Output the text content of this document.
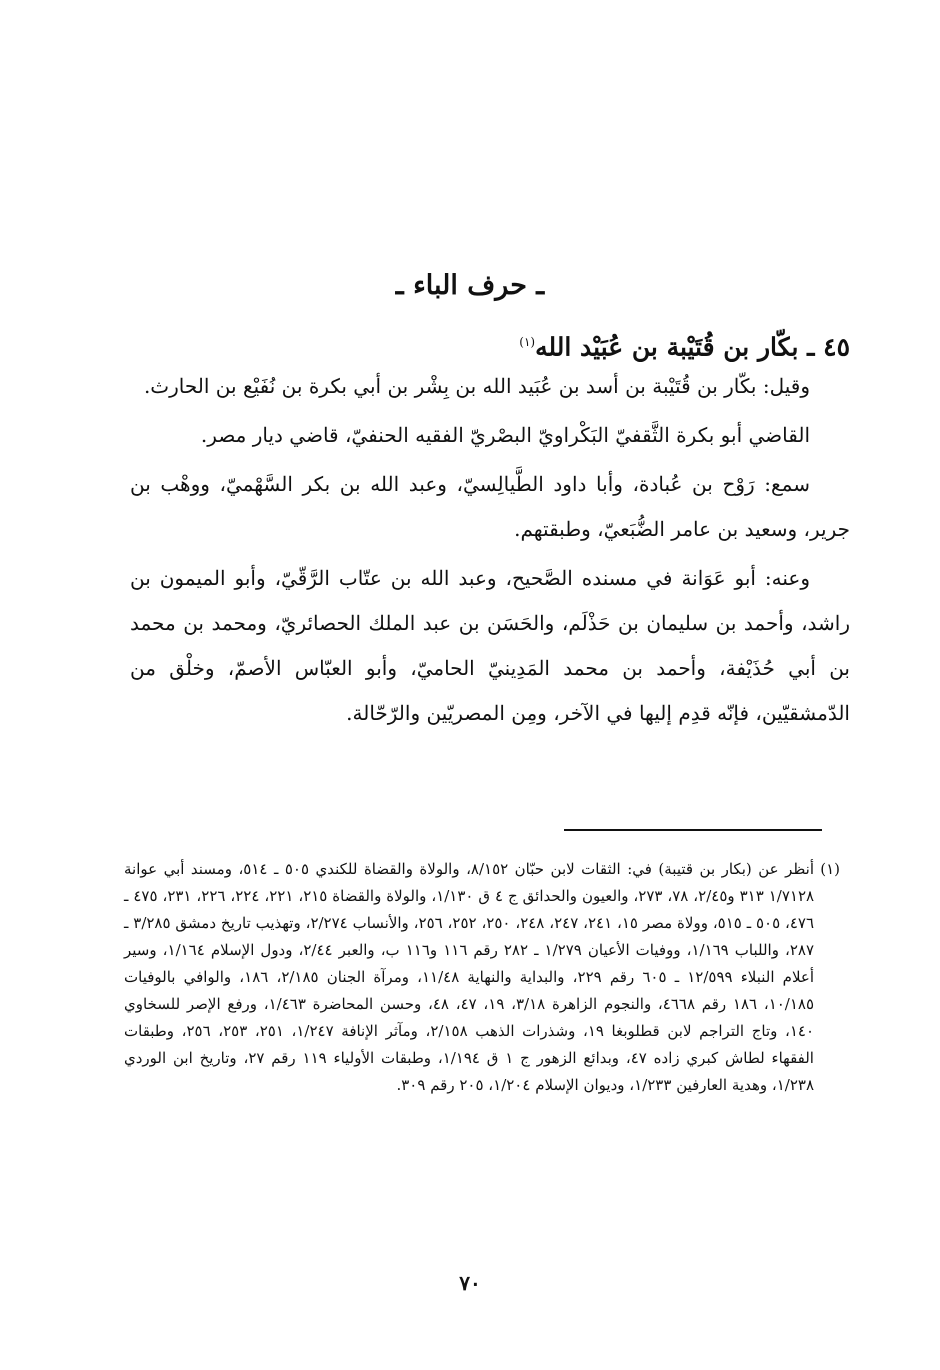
ـ حرف الباء ـ
٤٥ ـ بكّار بن قُتَيْبة بن عُبَيْد الله$^{(١)}$

وقيل: بكّار بن قُتَيْبة بن أسد بن عُبَيد الله بن بِشْر بن أبي بكرة بن نُفَيْع بن الحارث.

القاضي أبو بكرة الثَّقفيّ البَكْراويّ البصْريّ الفقيه الحنفيّ، قاضي ديار مصر.

سمع: رَوْح بن عُبادة، وأبا داود الطَّيالِسيّ، وعبد الله بن بكر السَّهْميّ، ووهْب بن جرير، وسعيد بن عامر الضُّبَعيّ، وطبقتهم.

وعنه: أبو عَوَانة في مسنده الصَّحيح، وعبد الله بن عتّاب الرَّقّيّ، وأبو الميمون بن راشد، وأحمد بن سليمان بن حَذْلَم، والحَسَن بن عبد الملك الحصائريّ، ومحمد بن محمد بن أبي حُذَيْفة، وأحمد بن محمد المَدِينيّ الحاميّ، وأبو العبّاس الأصمّ، وخلْق من الدّمشقيّين، فإنّه قدِم إليها في الآخر، ومِن المصريّين والرّحّالة.

(١)
أنظر عن (بكار بن قتيبة) في: الثقات لابن حبّان ٨/١٥٢، والولاة والقضاة للكندي ٥٠٥ ـ ٥١٤، ومسند أبي عوانة ١/٧١٢٨ ٣١٣ و٢/٤٥، ٧٨، ٢٧٣، والعيون والحدائق ج ٤ ق ١/١٣٠، والولاة والقضاة ٢١٥، ٢٢١، ٢٢٤، ٢٢٦، ٢٣١، ٤٧٥ ـ ٤٧٦، ٥٠٥ ـ ٥١٥، وولاة مصر ١٥، ٢٤١، ٢٤٧، ٢٤٨، ٢٥٠، ٢٥٢، ٢٥٦، والأنساب ٢/٢٧٤، وتهذيب تاريخ دمشق ٣/٢٨٥ ـ ٢٨٧، واللباب ١/١٦٩، ووفيات الأعيان ١/٢٧٩ ـ ٢٨٢ رقم ١١٦ و١١٦ ب، والعبر ٢/٤٤، ودول الإسلام ١/١٦٤، وسير أعلام النبلاء ١٢/٥٩٩ ـ ٦٠٥ رقم ٢٢٩، والبداية والنهاية ١١/٤٨، ومرآة الجنان ٢/١٨٥، ١٨٦، والوافي بالوفيات ١٠/١٨٥، ١٨٦ رقم ٤٦٦٨، والنجوم الزاهرة ٣/١٨، ١٩، ٤٧، ٤٨، وحسن المحاضرة ١/٤٦٣، ورفع الإصر للسخاوي ١٤٠، وتاج التراجم لابن قطلوبغا ١٩، وشذرات الذهب ٢/١٥٨، ومآثر الإنافة ١/٢٤٧، ٢٥١، ٢٥٣، ٢٥٦، وطبقات الفقهاء لطاش كبري زاده ٤٧، وبدائع الزهور ج ١ ق ١/١٩٤، وطبقات الأولياء ١١٩ رقم ٢٧، وتاريخ ابن الوردي ١/٢٣٨، وهدية العارفين ١/٢٣٣، وديوان الإسلام ١/٢٠٤، ٢٠٥ رقم ٣٠٩.
٧٠
